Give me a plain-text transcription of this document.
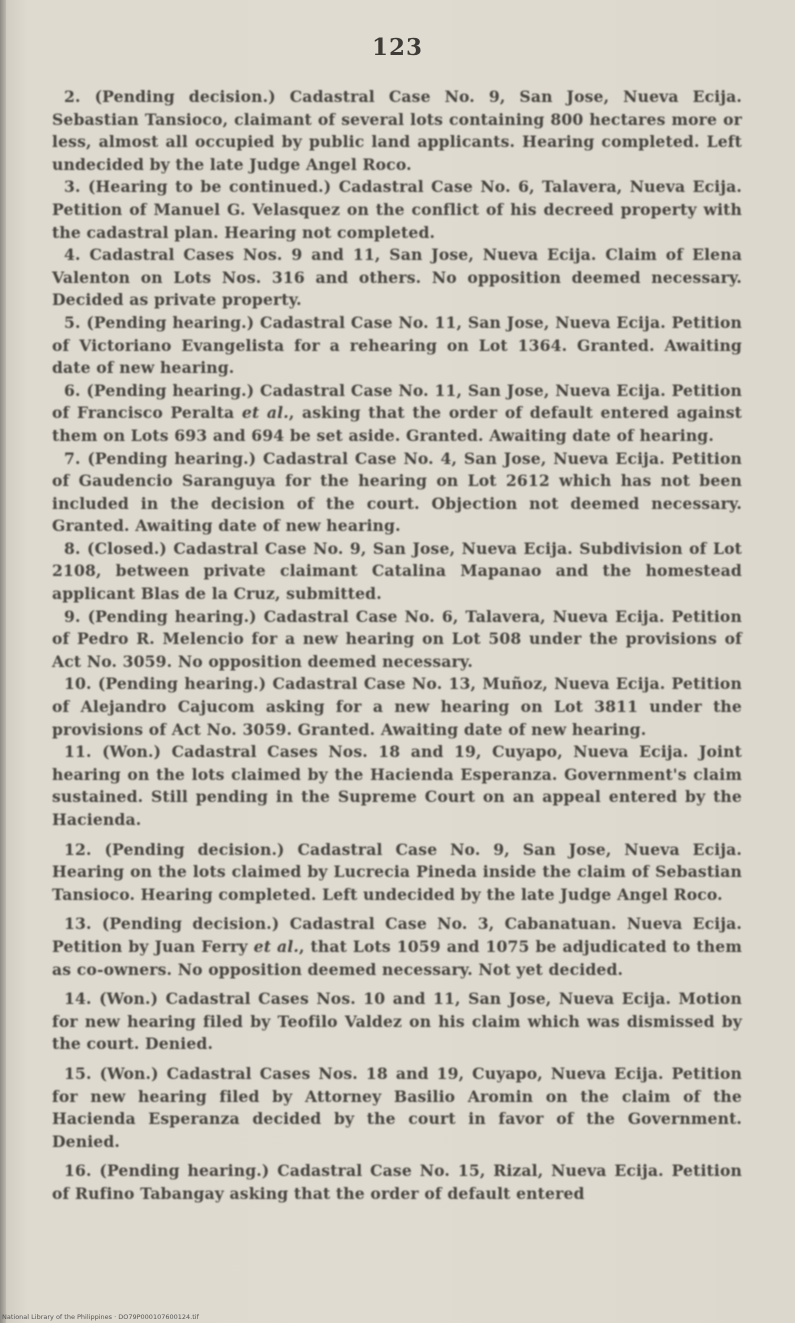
123

2. (Pending decision.) Cadastral Case No. 9, San Jose, Nueva Ecija. Sebastian Tansioco, claimant of several lots containing 800 hectares more or less, almost all occupied by public land applicants. Hearing completed. Left undecided by the late Judge Angel Roco.

3. (Hearing to be continued.) Cadastral Case No. 6, Talavera, Nueva Ecija. Petition of Manuel G. Velasquez on the conflict of his decreed property with the cadastral plan. Hearing not completed.

4. Cadastral Cases Nos. 9 and 11, San Jose, Nueva Ecija. Claim of Elena Valenton on Lots Nos. 316 and others. No opposition deemed necessary. Decided as private property.

5. (Pending hearing.) Cadastral Case No. 11, San Jose, Nueva Ecija. Petition of Victoriano Evangelista for a rehearing on Lot 1364. Granted. Awaiting date of new hearing.

6. (Pending hearing.) Cadastral Case No. 11, San Jose, Nueva Ecija. Petition of Francisco Peralta et al., asking that the order of default entered against them on Lots 693 and 694 be set aside. Granted. Awaiting date of hearing.

7. (Pending hearing.) Cadastral Case No. 4, San Jose, Nueva Ecija. Petition of Gaudencio Saranguya for the hearing on Lot 2612 which has not been included in the decision of the court. Objection not deemed necessary. Granted. Awaiting date of new hearing.

8. (Closed.) Cadastral Case No. 9, San Jose, Nueva Ecija. Subdivision of Lot 2108, between private claimant Catalina Mapanao and the homestead applicant Blas de la Cruz, submitted.

9. (Pending hearing.) Cadastral Case No. 6, Talavera, Nueva Ecija. Petition of Pedro R. Melencio for a new hearing on Lot 508 under the provisions of Act No. 3059. No opposition deemed necessary.

10. (Pending hearing.) Cadastral Case No. 13, Muñoz, Nueva Ecija. Petition of Alejandro Cajucom asking for a new hearing on Lot 3811 under the provisions of Act No. 3059. Granted. Awaiting date of new hearing.

11. (Won.) Cadastral Cases Nos. 18 and 19, Cuyapo, Nueva Ecija. Joint hearing on the lots claimed by the Hacienda Esperanza. Government's claim sustained. Still pending in the Supreme Court on an appeal entered by the Hacienda.

12. (Pending decision.) Cadastral Case No. 9, San Jose, Nueva Ecija. Hearing on the lots claimed by Lucrecia Pineda inside the claim of Sebastian Tansioco. Hearing completed. Left undecided by the late Judge Angel Roco.

13. (Pending decision.) Cadastral Case No. 3, Cabanatuan. Nueva Ecija. Petition by Juan Ferry et al., that Lots 1059 and 1075 be adjudicated to them as co-owners. No opposition deemed necessary. Not yet decided.

14. (Won.) Cadastral Cases Nos. 10 and 11, San Jose, Nueva Ecija. Motion for new hearing filed by Teofilo Valdez on his claim which was dismissed by the court. Denied.

15. (Won.) Cadastral Cases Nos. 18 and 19, Cuyapo, Nueva Ecija. Petition for new hearing filed by Attorney Basilio Aromin on the claim of the Hacienda Esperanza decided by the court in favor of the Government. Denied.

16. (Pending hearing.) Cadastral Case No. 15, Rizal, Nueva Ecija. Petition of Rufino Tabangay asking that the order of default entered

National Library of the Philippines · DO79P000107600124.tif
